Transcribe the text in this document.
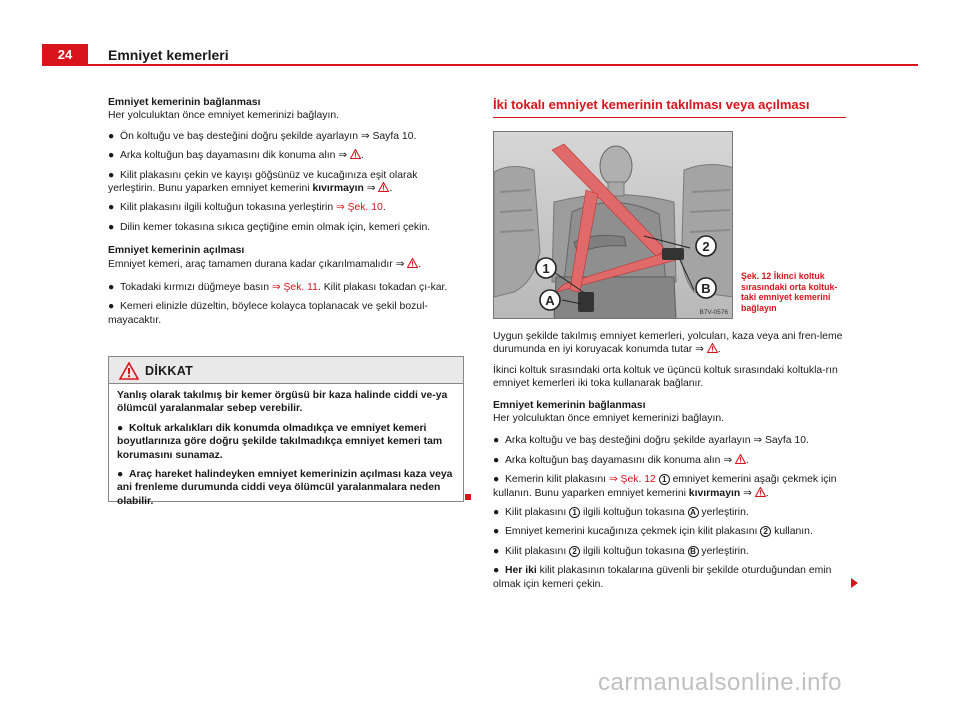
24	Emniyet kemerleri
Emniyet kemerinin bağlanması
Her yolculuktan önce emniyet kemerinizi bağlayın.
● Ön koltuğu ve baş desteğini doğru şekilde ayarlayın ⇒ Sayfa 10.
● Arka koltuğun baş dayamasını dik konuma alın ⇒ .
● Kilit plakasını çekin ve kayışı göğsünüz ve kucağınıza eşit olarak yerleştirin. Bunu yaparken emniyet kemerini kıvırmayın ⇒ .
● Kilit plakasını ilgili koltuğun tokasına yerleştirin ⇒ Şek. 10.
● Dilin kemer tokasına sıkıca geçtiğine emin olmak için, kemeri çekin.
Emniyet kemerinin açılması
Emniyet kemeri, araç tamamen durana kadar çıkarılmamalıdır ⇒ .
● Tokadaki kırmızı düğmeye basın ⇒ Şek. 11. Kilit plakası tokadan çı-kar.
● Kemeri elinizle düzeltin, böylece kolayca toplanacak ve şekil bozul-mayacaktır.
DİKKAT

Yanlış olarak takılmış bir kemer örgüsü bir kaza halinde ciddi ve-ya ölümcül yaralanmalar sebep verebilir.

● Koltuk arkalıkları dik konumda olmadıkça ve emniyet kemeri boyutlarınıza göre doğru şekilde takılmadıkça emniyet kemeri tam korumasını sunamaz.

● Araç hareket halindeyken emniyet kemerinizin açılması kaza veya ani frenleme durumunda ciddi veya ölümcül yaralanmalara neden olabilir.

İki tokalı emniyet kemerinin takılması veya açılması
1
2
A
B
B7V-0576
Şek. 12 İkinci koltuk sırasındaki orta koltuk-taki emniyet kemerini bağlayın
Uygun şekilde takılmış emniyet kemerleri, yolcuları, kaza veya ani fren-leme durumunda en iyi koruyacak konumda tutar ⇒ .
İkinci koltuk sırasındaki orta koltuk ve üçüncü koltuk sırasındaki koltukla-rın emniyet kemerleri iki toka kullanarak bağlanır.
Emniyet kemerinin bağlanması
Her yolculuktan önce emniyet kemerinizi bağlayın.
● Arka koltuğu ve baş desteğini doğru şekilde ayarlayın ⇒ Sayfa 10.
● Arka koltuğun baş dayamasını dik konuma alın ⇒ .
● Kemerin kilit plakasını ⇒ Şek. 12 1 emniyet kemerini aşağı çekmek için kullanın. Bunu yaparken emniyet kemerini kıvırmayın ⇒ .
● Kilit plakasını 1 ilgili koltuğun tokasına A yerleştirin.
● Emniyet kemerini kucağınıza çekmek için kilit plakasını 2 kullanın.
● Kilit plakasını 2 ilgili koltuğun tokasına B yerleştirin.
● Her iki kilit plakasının tokalarına güvenli bir şekilde oturduğundan emin olmak için kemeri çekin.
carmanualsonline.info
